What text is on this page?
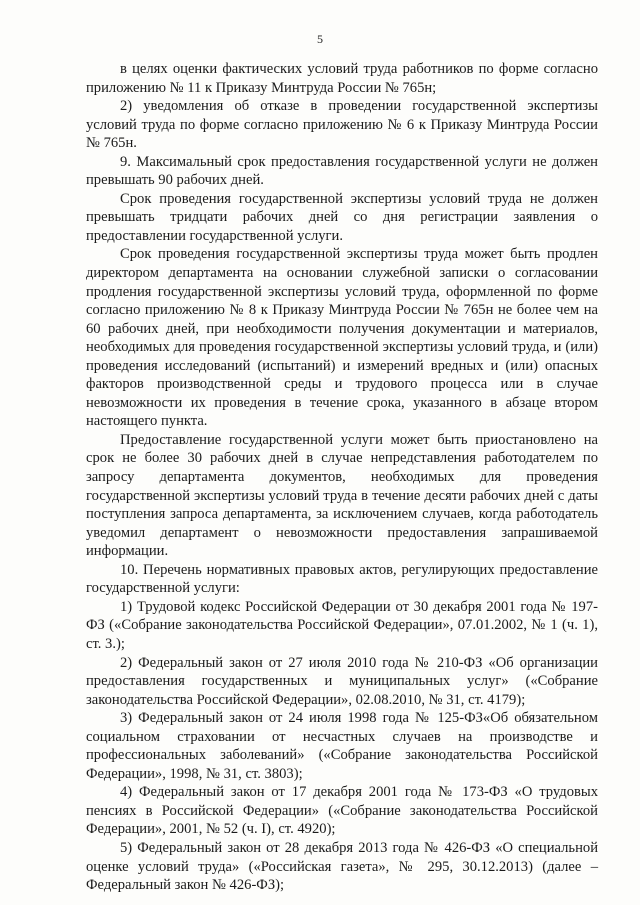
5

в целях оценки фактических условий труда работников по форме согласно приложению № 11 к Приказу Минтруда России № 765н;

2) уведомления об отказе в проведении государственной экспертизы условий труда по форме согласно приложению № 6 к Приказу Минтруда России № 765н.

9. Максимальный срок предоставления государственной услуги не должен превышать 90 рабочих дней.

Срок проведения государственной экспертизы условий труда не должен превышать тридцати рабочих дней со дня регистрации заявления о предоставлении государственной услуги.

Срок проведения государственной экспертизы труда может быть продлен директором департамента на основании служебной записки о согласовании продления государственной экспертизы условий труда, оформленной по форме согласно приложению № 8 к Приказу Минтруда России № 765н не более чем на 60 рабочих дней, при необходимости получения документации и материалов, необходимых для проведения государственной экспертизы условий труда, и (или) проведения исследований (испытаний) и измерений вредных и (или) опасных факторов производственной среды и трудового процесса или в случае невозможности их проведения в течение срока, указанного в абзаце втором настоящего пункта.

Предоставление государственной услуги может быть приостановлено на срок не более 30 рабочих дней в случае непредставления работодателем по запросу департамента документов, необходимых для проведения государственной экспертизы условий труда в течение десяти рабочих дней с даты поступления запроса департамента, за исключением случаев, когда работодатель уведомил департамент о невозможности предоставления запрашиваемой информации.

10. Перечень нормативных правовых актов, регулирующих предоставление государственной услуги:

1) Трудовой кодекс Российской Федерации от 30 декабря 2001 года № 197-ФЗ («Собрание законодательства Российской Федерации», 07.01.2002, № 1 (ч. 1), ст. 3.);

2) Федеральный закон от 27 июля 2010 года № 210-ФЗ «Об организации предоставления государственных и муниципальных услуг» («Собрание законодательства Российской Федерации», 02.08.2010, № 31, ст. 4179);

3) Федеральный закон от 24 июля 1998 года № 125-ФЗ«Об обязательном социальном страховании от несчастных случаев на производстве и профессиональных заболеваний» («Собрание законодательства Российской Федерации», 1998, № 31, ст. 3803);

4) Федеральный закон от 17 декабря 2001 года № 173-ФЗ «О трудовых пенсиях в Российской Федерации» («Собрание законодательства Российской Федерации», 2001, № 52 (ч. I), ст. 4920);

5) Федеральный закон от 28 декабря 2013 года № 426-ФЗ «О специальной оценке условий труда» («Российская газета», № 295, 30.12.2013) (далее – Федеральный закон № 426-ФЗ);
